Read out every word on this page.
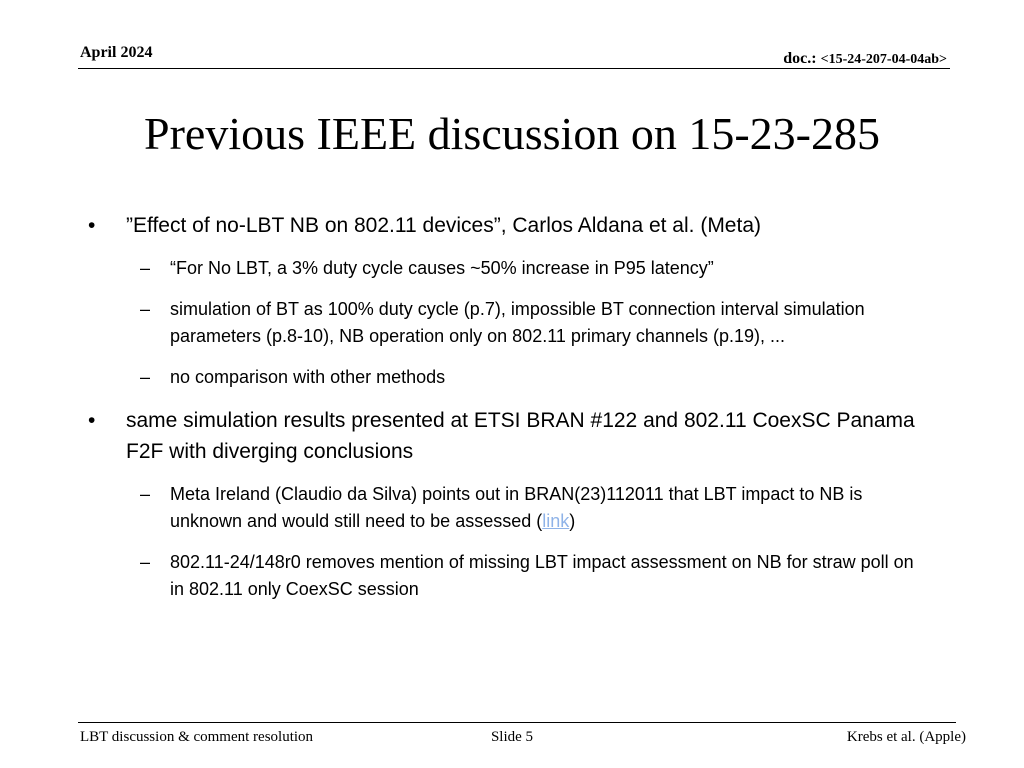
April 2024	doc.: <15-24-207-04-04ab>
Previous IEEE discussion on 15-23-285
•	”Effect of no-LBT NB on 802.11 devices”, Carlos Aldana et al. (Meta)
–	“For No LBT, a 3% duty cycle causes ~50% increase in P95 latency”
–	simulation of BT as 100% duty cycle (p.7), impossible BT connection interval simulation parameters (p.8-10), NB operation only on 802.11 primary channels (p.19), ...
–	no comparison with other methods
•	same simulation results presented at ETSI BRAN #122 and 802.11 CoexSC Panama F2F with diverging conclusions
–	Meta Ireland (Claudio da Silva) points out in BRAN(23)112011 that LBT impact to NB is unknown and would still need to be assessed (link)
–	802.11-24/148r0 removes mention of missing LBT impact assessment on NB for straw poll on in 802.11 only CoexSC session
LBT discussion & comment resolution	Slide 5	Krebs et al. (Apple)
